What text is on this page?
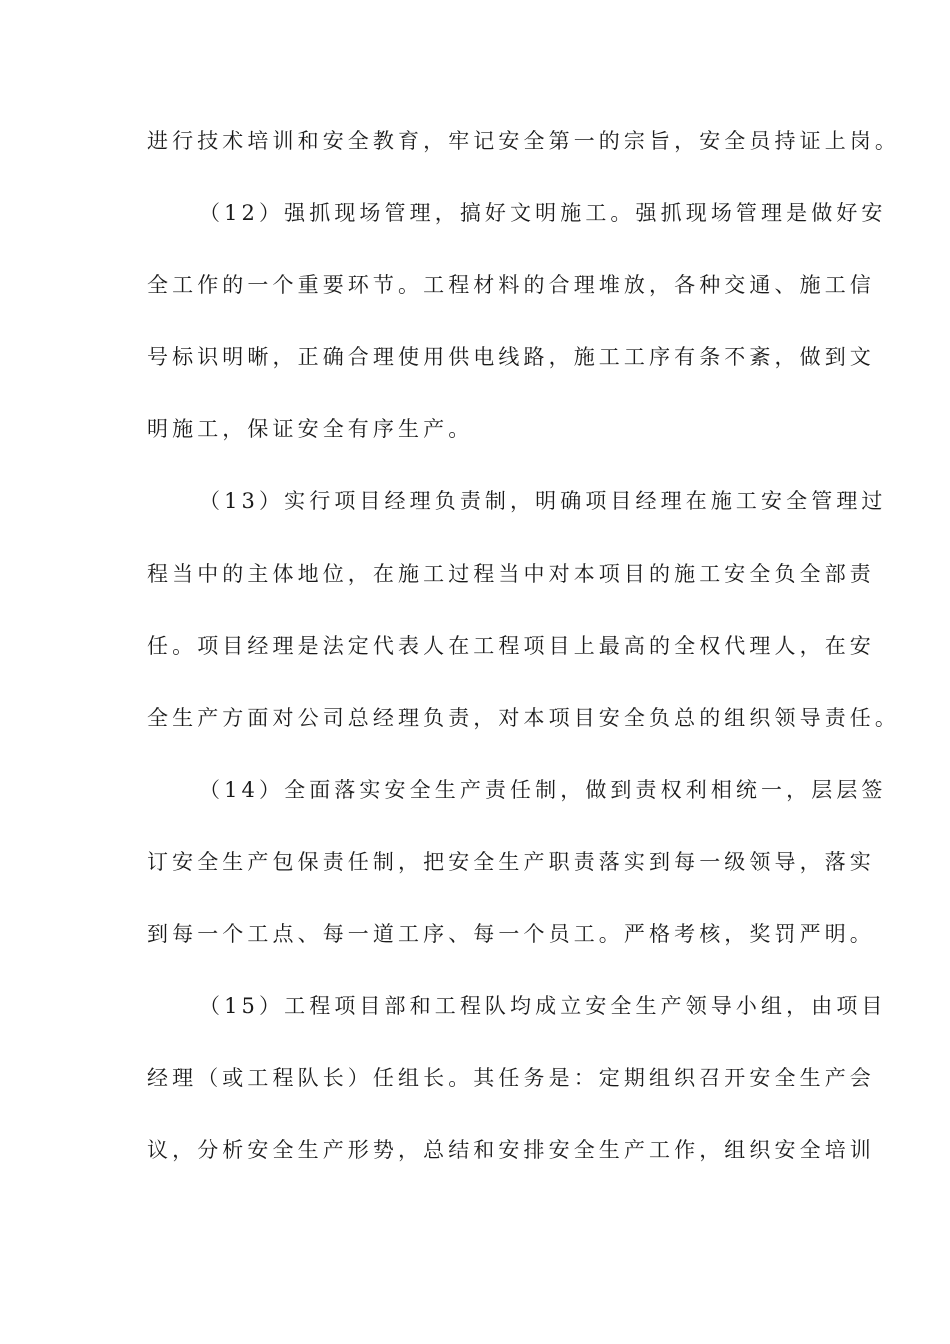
进行技术培训和安全教育，牢记安全第一的宗旨，安全员持证上岗。
（12）强抓现场管理，搞好文明施工。强抓现场管理是做好安
全工作的一个重要环节。工程材料的合理堆放，各种交通、施工信
号标识明晰，正确合理使用供电线路，施工工序有条不紊，做到文
明施工，保证安全有序生产。
（13）实行项目经理负责制，明确项目经理在施工安全管理过
程当中的主体地位，在施工过程当中对本项目的施工安全负全部责
任。项目经理是法定代表人在工程项目上最高的全权代理人，在安
全生产方面对公司总经理负责，对本项目安全负总的组织领导责任。
（14）全面落实安全生产责任制，做到责权利相统一，层层签
订安全生产包保责任制，把安全生产职责落实到每一级领导，落实
到每一个工点、每一道工序、每一个员工。严格考核，奖罚严明。
（15）工程项目部和工程队均成立安全生产领导小组，由项目
经理（或工程队长）任组长。其任务是：定期组织召开安全生产会
议，分析安全生产形势，总结和安排安全生产工作，组织安全培训
